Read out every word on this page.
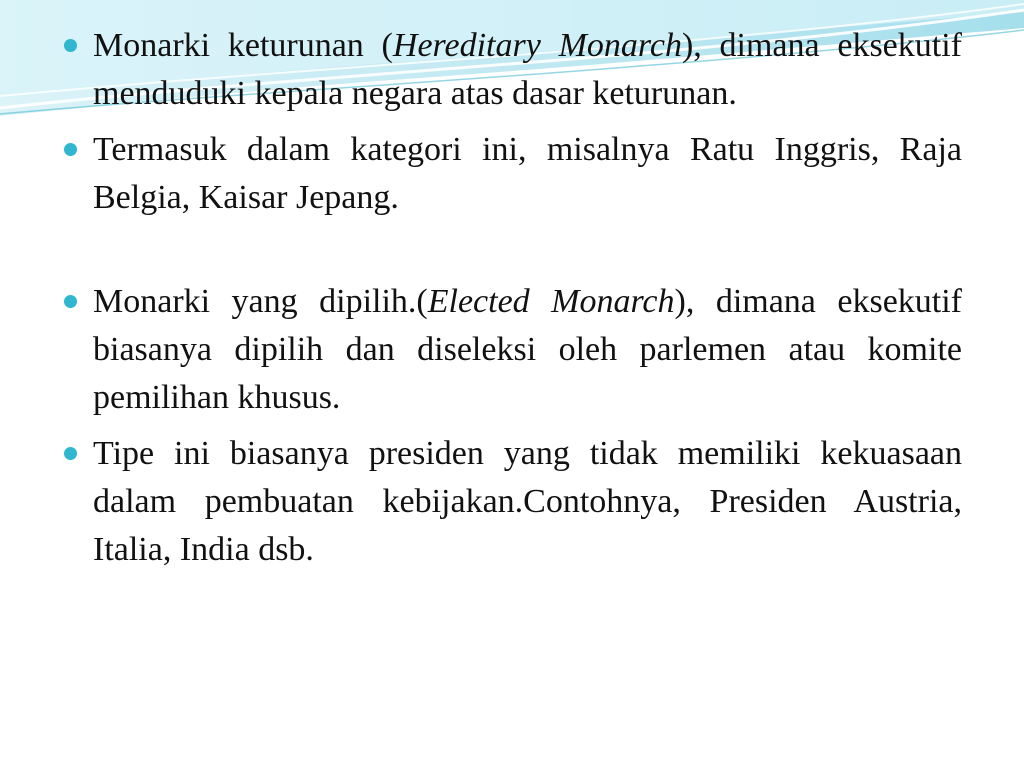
Monarki keturunan (Hereditary Monarch), dimana eksekutif menduduki kepala negara atas dasar keturunan.
Termasuk dalam kategori ini, misalnya Ratu Inggris, Raja Belgia, Kaisar Jepang.
Monarki yang dipilih.(Elected Monarch), dimana eksekutif biasanya dipilih dan diseleksi oleh parlemen atau komite pemilihan khusus.
Tipe ini biasanya presiden yang tidak memiliki kekuasaan dalam pembuatan kebijakan.Contohnya, Presiden Austria, Italia, India dsb.
